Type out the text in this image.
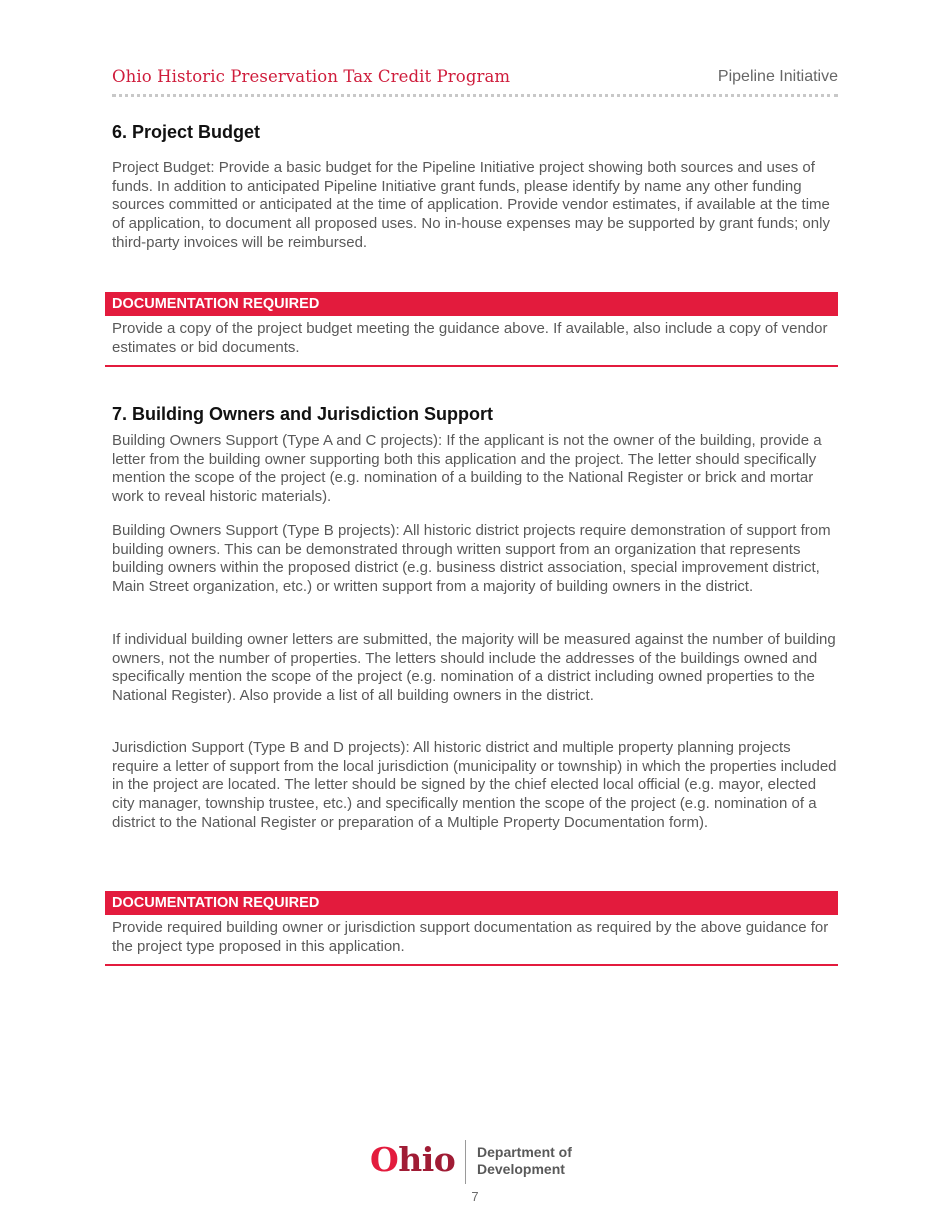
Ohio Historic Preservation Tax Credit Program	Pipeline Initiative
6. Project Budget

Project Budget: Provide a basic budget for the Pipeline Initiative project showing both sources and uses of funds. In addition to anticipated Pipeline Initiative grant funds, please identify by name any other funding sources committed or anticipated at the time of application. Provide vendor estimates, if available at the time of application, to document all proposed uses. No in-house expenses may be supported by grant funds; only third-party invoices will be reimbursed.

DOCUMENTATION REQUIRED
Provide a copy of the project budget meeting the guidance above. If available, also include a copy of vendor estimates or bid documents.
7. Building Owners and Jurisdiction Support

Building Owners Support (Type A and C projects): If the applicant is not the owner of the building, provide a letter from the building owner supporting both this application and the project. The letter should specifically mention the scope of the project (e.g. nomination of a building to the National Register or brick and mortar work to reveal historic materials).

Building Owners Support (Type B projects): All historic district projects require demonstration of support from building owners. This can be demonstrated through written support from an organization that represents building owners within the proposed district (e.g. business district association, special improvement district, Main Street organization, etc.) or written support from a majority of building owners in the district.

If individual building owner letters are submitted, the majority will be measured against the number of building owners, not the number of properties. The letters should include the addresses of the buildings owned and specifically mention the scope of the project (e.g. nomination of a district including owned properties to the National Register). Also provide a list of all building owners in the district.

Jurisdiction Support (Type B and D projects): All historic district and multiple property planning projects require a letter of support from the local jurisdiction (municipality or township) in which the properties included in the project are located. The letter should be signed by the chief elected local official (e.g. mayor, elected city manager, township trustee, etc.) and specifically mention the scope of the project (e.g. nomination of a district to the National Register or preparation of a Multiple Property Documentation form).

DOCUMENTATION REQUIRED
Provide required building owner or jurisdiction support documentation as required by the above guidance for the project type proposed in this application.
Ohio Department of
Development
7
